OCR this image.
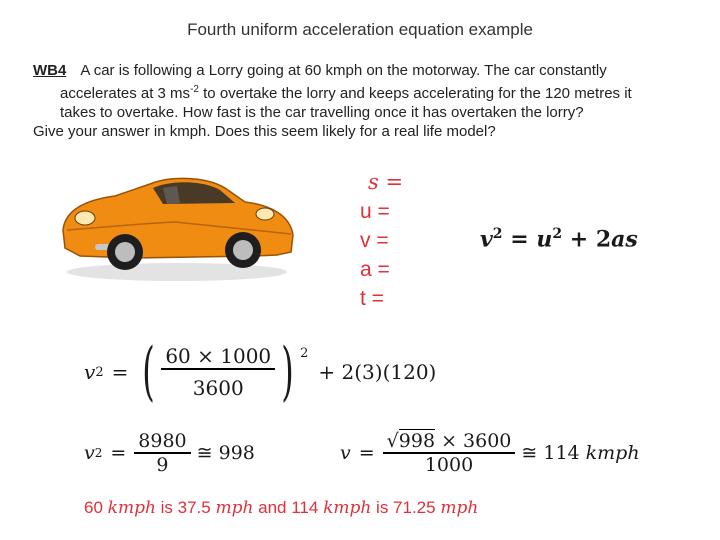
Fourth uniform acceleration equation example
WB4 A car is following a Lorry going at 60 kmph on the motorway. The car constantly
accelerates at 3 $ms^{-2}$ to overtake the lorry and keeps accelerating for the 120 metres it
takes to overtake. How fast is the car travelling once it has overtaken the lorry?
Give your answer in kmph. Does this seem likely for a real life model?
s =
u =
v =
a =
t =
$v^2 = u^2 + 2as$
v 2 = ( $\frac{60 \times 1000}{3600}$ ) $^2$
+ 2(3)(120)
v $2 = \frac{8980}{9}$ ≅ 998	$v = \frac{√998 \times 3600}{1000}$ ≅ 114 kmph
60 kmph is 37.5 mph and 114 kmph is 71.25 mph
